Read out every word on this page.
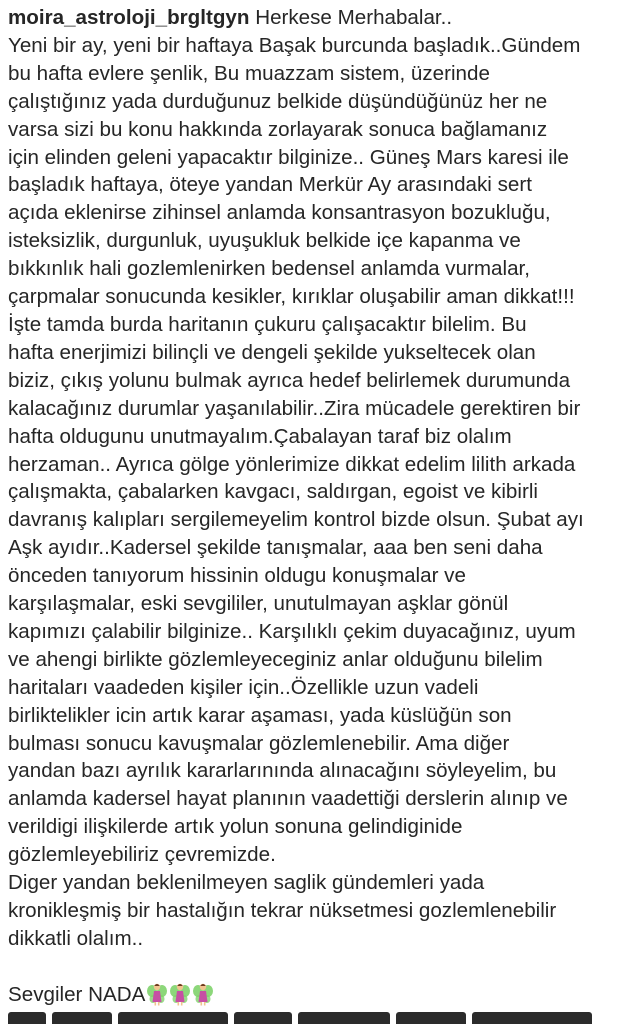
moira_astroloji_brgltgyn Herkese Merhabalar..
Yeni bir ay, yeni bir haftaya Başak burcunda başladık..Gündem
bu hafta evlere şenlik, Bu muazzam sistem, üzerinde
çalıştığınız yada durduğunuz belkide düşündüğünüz her ne
varsa sizi bu konu hakkında zorlayarak sonuca bağlamanız
için elinden geleni yapacaktır bilginize.. Güneş Mars karesi ile
başladık haftaya, öteye yandan Merkür Ay arasındaki sert
açıda eklenirse zihinsel anlamda konsantrasyon bozukluğu,
isteksizlik, durgunluk, uyuşukluk belkide içe kapanma ve
bıkkınlık hali gozlemlenirken bedensel anlamda vurmalar,
çarpmalar sonucunda kesikler, kırıklar oluşabilir aman dikkat!!!
İşte tamda burda haritanın çukuru çalışacaktır bilelim. Bu
hafta enerjimizi bilinçli ve dengeli şekilde yukseltecek olan
biziz, çıkış yolunu bulmak ayrıca hedef belirlemek durumunda
kalacağınız durumlar yaşanılabilir..Zira mücadele gerektiren bir
hafta oldugunu unutmayalım.Çabalayan taraf biz olalım
herzaman.. Ayrıca gölge yönlerimize dikkat edelim lilith arkada
çalışmakta, çabalarken kavgacı, saldırgan, egoist ve kibirli
davranış kalıpları sergilemeyelim kontrol bizde olsun. Şubat ayı
Aşk ayıdır..Kadersel şekilde tanışmalar, aaa ben seni daha
önceden tanıyorum hissinin oldugu konuşmalar ve
karşılaşmalar, eski sevgililer, unutulmayan aşklar gönül
kapımızı çalabilir bilginize.. Karşılıklı çekim duyacağınız, uyum
ve ahengi birlikte gözlemleyeceginiz anlar olduğunu bilelim
haritaları vaadeden kişiler için..Özellikle uzun vadeli
birliktelikler icin artık karar aşaması, yada küslüğün son
bulması sonucu kavuşmalar gözlemlenebilir. Ama diğer
yandan bazı ayrılık kararlarınında alınacağını söyleyelim, bu
anlamda kadersel hayat planının vaadettiği derslerin alınıp ve
verildigi ilişkilerde artık yolun sonuna gelindiginide
gözlemleyebiliriz çevremizde.
Diger yandan beklenilmeyen saglik gündemleri yada
kronikleşmiş bir hastalığın tekrar nüksetmesi gozlemlenebilir
dikkatli olalım..
Sevgiler NADA
